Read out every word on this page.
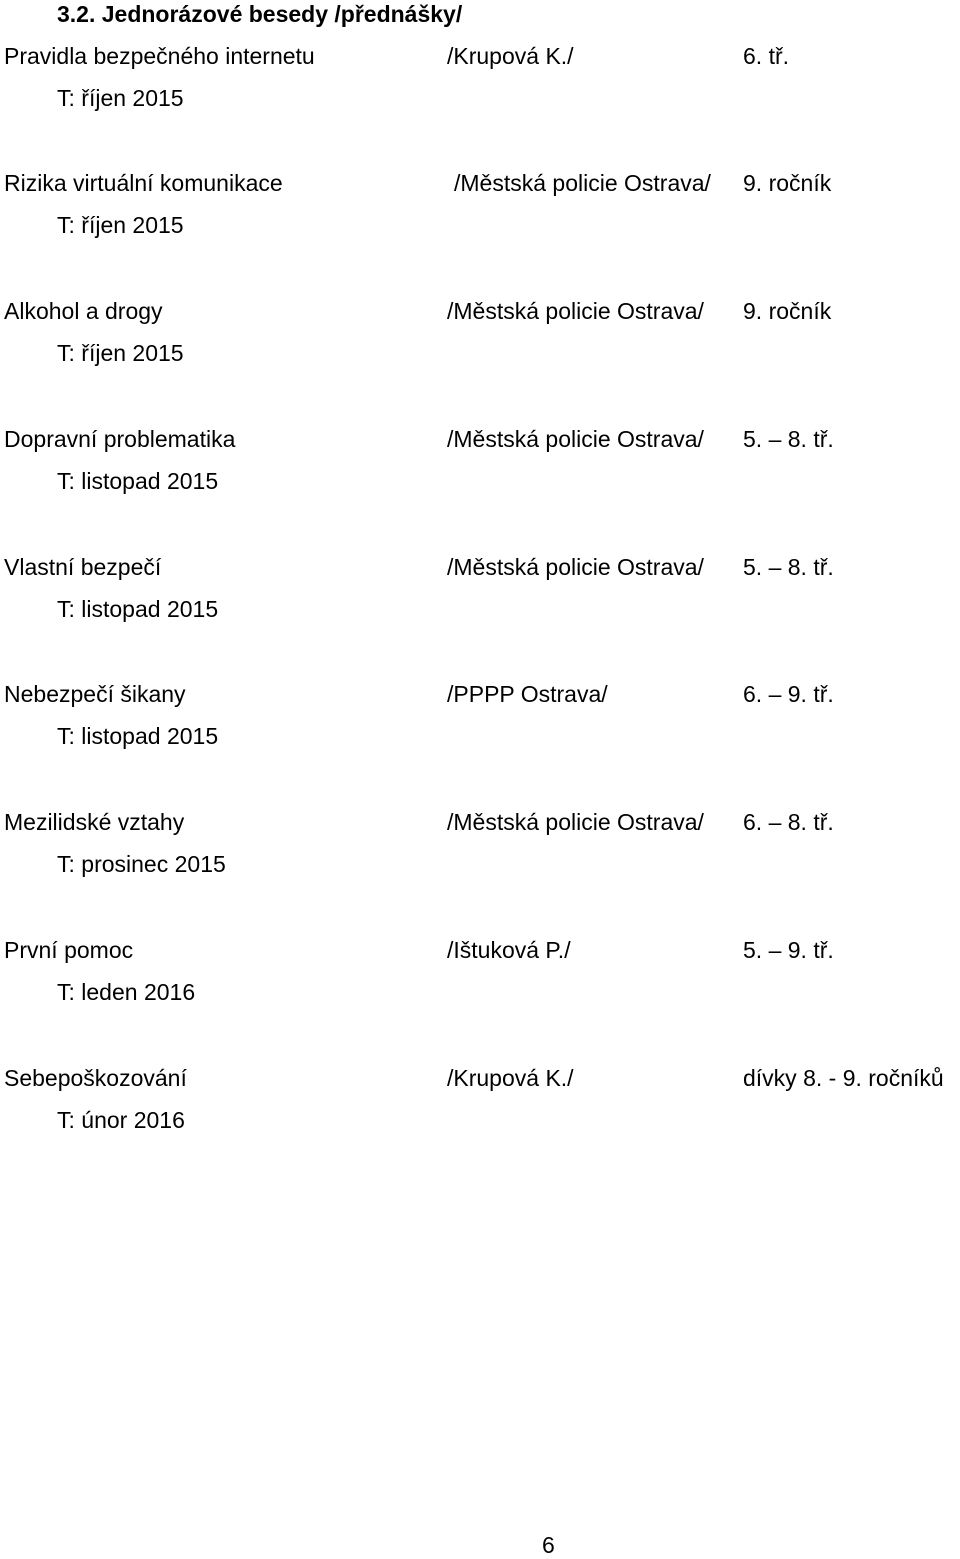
3.2. Jednorázové besedy /přednášky/
Pravidla bezpečného internetu	/Krupová K./	6. tř.
T: říjen 2015
Rizika virtuální komunikace	/Městská policie Ostrava/ 9. ročník
T: říjen 2015
Alkohol a drogy	/Městská policie Ostrava/ 9. ročník
T: říjen 2015
Dopravní problematika	/Městská policie Ostrava/ 5. – 8. tř.
T: listopad 2015
Vlastní bezpečí	/Městská policie Ostrava/ 5. – 8. tř.
T: listopad 2015
Nebezpečí šikany	/PPPP Ostrava/	6. – 9. tř.
T: listopad 2015
Mezilidské vztahy	/Městská policie Ostrava/ 6. – 8. tř.
T: prosinec 2015
První pomoc	/Ištuková P./	5. – 9. tř.
T: leden 2016
Sebepoškozování	/Krupová K./	dívky 8. - 9. ročníků
T: únor 2016
6
